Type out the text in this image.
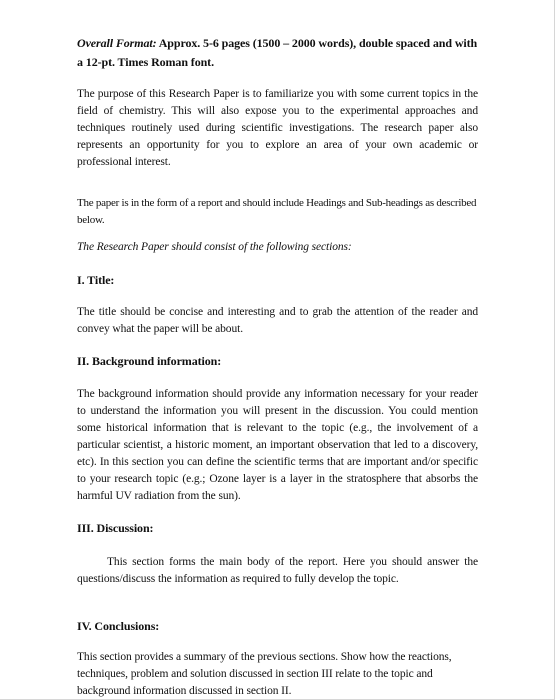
Overall Format: Approx. 5-6 pages (1500 – 2000 words), double spaced and with a 12-pt. Times Roman font.

The purpose of this Research Paper is to familiarize you with some current topics in the field of chemistry. This will also expose you to the experimental approaches and techniques routinely used during scientific investigations. The research paper also represents an opportunity for you to explore an area of your own academic or professional interest.

The paper is in the form of a report and should include Headings and Sub-headings as described below.

The Research Paper should consist of the following sections:

I. Title:

The title should be concise and interesting and to grab the attention of the reader and convey what the paper will be about.

II. Background information:

The background information should provide any information necessary for your reader to understand the information you will present in the discussion. You could mention some historical information that is relevant to the topic (e.g., the involvement of a particular scientist, a historic moment, an important observation that led to a discovery, etc). In this section you can define the scientific terms that are important and/or specific to your research topic (e.g.; Ozone layer is a layer in the stratosphere that absorbs the harmful UV radiation from the sun).

III. Discussion:

This section forms the main body of the report. Here you should answer the questions/discuss the information as required to fully develop the topic.

IV. Conclusions:

This section provides a summary of the previous sections. Show how the reactions, techniques, problem and solution discussed in section III relate to the topic and background information discussed in section II.
